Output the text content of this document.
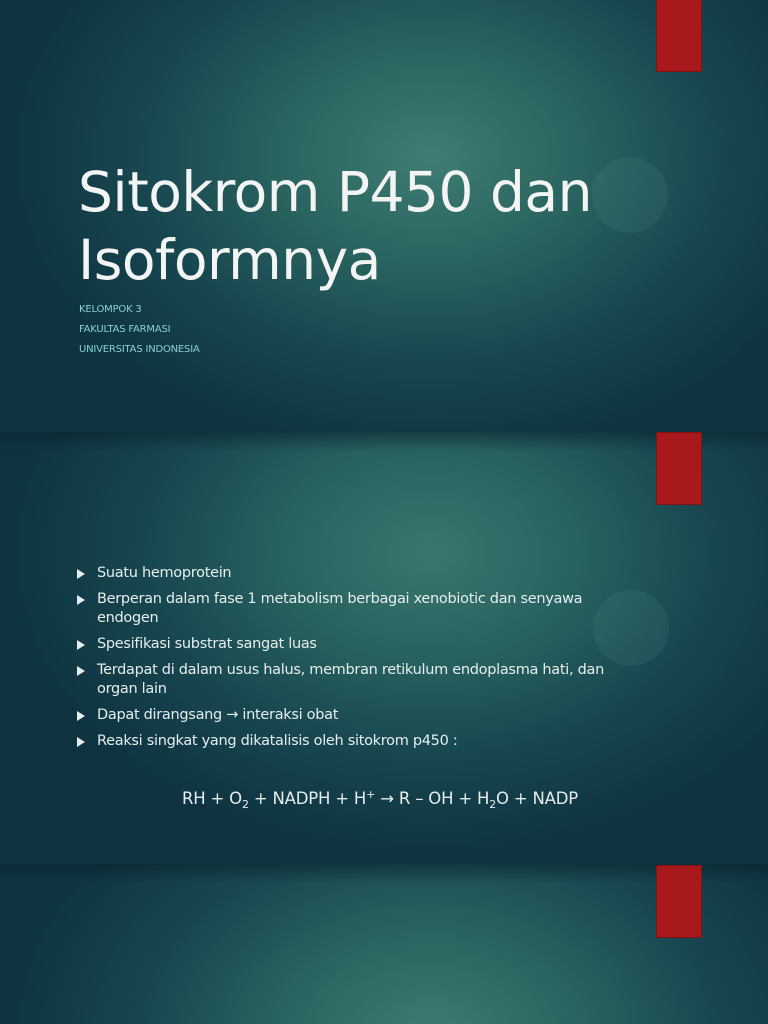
Sitokrom P450 dan Isoformnya
KELOMPOK 3
FAKULTAS FARMASI
UNIVERSITAS INDONESIA
Suatu hemoprotein
Berperan dalam fase 1 metabolism berbagai xenobiotic dan senyawa endogen
Spesifikasi substrat sangat luas
Terdapat di dalam usus halus, membran retikulum endoplasma hati, dan organ lain
Dapat dirangsang → interaksi obat
Reaksi singkat yang dikatalisis oleh sitokrom p450 :
RH + $O_2$ + NADPH + H+ → R – OH + $H_2O$ + NADP
